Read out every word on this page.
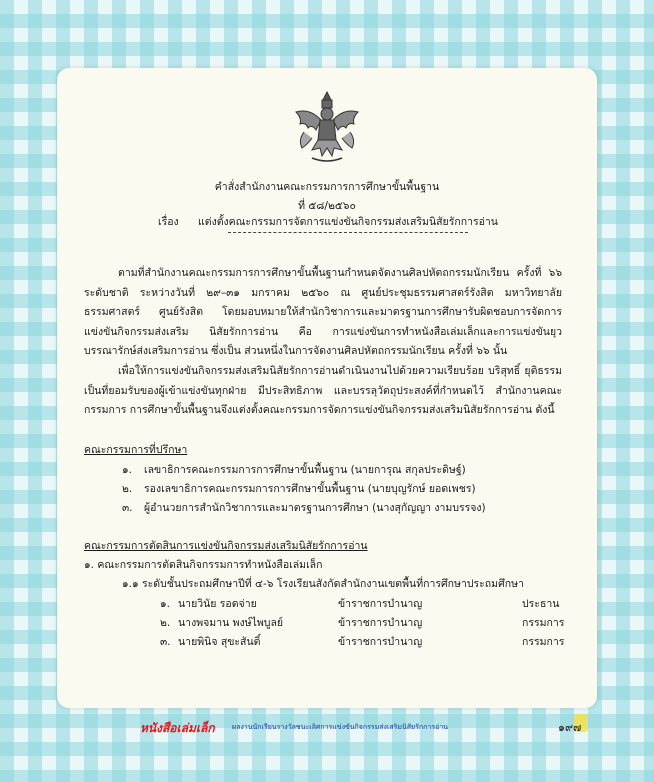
คำสั่งสำนักงานคณะกรรมการการศึกษาขั้นพื้นฐาน
ที่ ๕๘/๒๕๖๐
เรื่อง แต่งตั้งคณะกรรมการจัดการแข่งขันกิจกรรมส่งเสริมนิสัยรักการอ่าน

ตามที่สำนักงานคณะกรรมการการศึกษาขั้นพื้นฐานกำหนดจัดงานศิลปหัตถกรรมนักเรียน ครั้งที่ ๖๖ ระดับชาติ ระหว่างวันที่ ๒๙–๓๑ มกราคม ๒๕๖๐ ณ ศูนย์ประชุมธรรมศาสตร์รังสิต มหาวิทยาลัยธรรมศาสตร์ ศูนย์รังสิต โดยมอบหมายให้สำนักวิชาการและมาตรฐานการศึกษารับผิดชอบการจัดการแข่งขันกิจกรรมส่งเสริม นิสัยรักการอ่าน คือ การแข่งขันการทำหนังสือเล่มเล็กและการแข่งขันยุวบรรณารักษ์ส่งเสริมการอ่าน ซึ่งเป็น ส่วนหนึ่งในการจัดงานศิลปหัตถกรรมนักเรียน ครั้งที่ ๖๖ นั้น

เพื่อให้การแข่งขันกิจกรรมส่งเสริมนิสัยรักการอ่านดำเนินงานไปด้วยความเรียบร้อย บริสุทธิ์ ยุติธรรม เป็นที่ยอมรับของผู้เข้าแข่งขันทุกฝ่าย มีประสิทธิภาพ และบรรลุวัตถุประสงค์ที่กำหนดไว้ สำนักงานคณะกรรมการ การศึกษาขั้นพื้นฐานจึงแต่งตั้งคณะกรรมการจัดการแข่งขันกิจกรรมส่งเสริมนิสัยรักการอ่าน ดังนี้

คณะกรรมการที่ปรึกษา
๑. เลขาธิการคณะกรรมการการศึกษาขั้นพื้นฐาน (นายการุณ สกุลประดิษฐ์)
๒. รองเลขาธิการคณะกรรมการการศึกษาขั้นพื้นฐาน (นายบุญรักษ์ ยอดเพชร)
๓. ผู้อำนวยการสำนักวิชาการและมาตรฐานการศึกษา (นางสุกัญญา งามบรรจง)
คณะกรรมการตัดสินการแข่งขันกิจกรรมส่งเสริมนิสัยรักการอ่าน
๑. คณะกรรมการตัดสินกิจกรรมการทำหนังสือเล่มเล็ก
๑.๑ ระดับชั้นประถมศึกษาปีที่ ๔-๖ โรงเรียนสังกัดสำนักงานเขตพื้นที่การศึกษาประถมศึกษา
๑. นายวินัย รอดจ่าย	ข้าราชการบำนาญ	ประธาน
๒. นางพจมาน พงษ์ไพบูลย์	ข้าราชการบำนาญ	กรรมการ
๓. นายพินิจ สุขะสันติ์	ข้าราชการบำนาญ	กรรมการ
หนังสือเล่มเล็ก ผลงานนักเรียนรางวัลชนะเลิศการแข่งขันกิจกรรมส่งเสริมนิสัยรักการอ่าน	๑๙๗
